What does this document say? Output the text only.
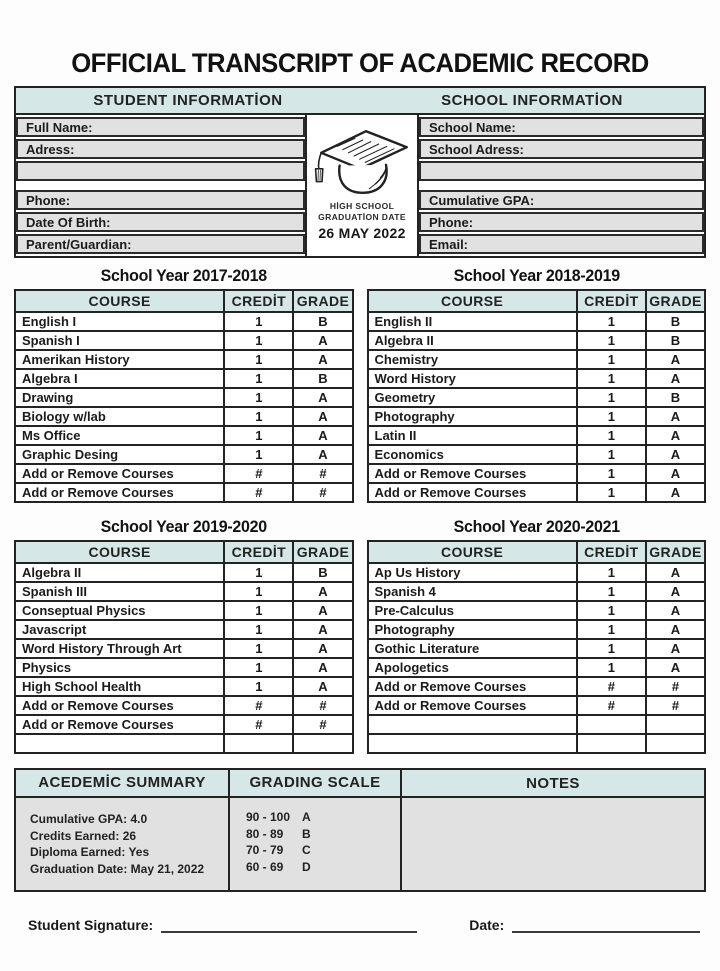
OFFICIAL TRANSCRIPT OF ACADEMIC RECORD
STUDENT INFORMATİON	SCHOOL INFORMATİON
Full Name:
Adress:
Phone:
Date Of Birth:
Parent/Guardian:
HİGH SCHOOL
GRADUATİON DATE
26 MAY 2022
School Name:
School Adress:
Cumulative GPA:
Phone:
Email:
School Year 2017-2018
COURSE	CREDİT	GRADE
English I	1	B
Spanish I	1	A
Amerikan History	1	A
Algebra I	1	B
Drawing	1	A
Biology w/lab	1	A
Ms Office	1	A
Graphic Desing	1	A
Add or Remove Courses	#	#
Add or Remove Courses	#	#
School Year 2018-2019
COURSE	CREDİT	GRADE
English II	1	B
Algebra II	1	B
Chemistry	1	A
Word History	1	A
Geometry	1	B
Photography	1	A
Latin II	1	A
Economics	1	A
Add or Remove Courses	1	A
Add or Remove Courses	1	A
School Year 2019-2020
COURSE	CREDİT	GRADE
Algebra II	1	B
Spanish III	1	A
Conseptual Physics	1	A
Javascript	1	A
Word History Through Art	1	A
Physics	1	A
High School Health	1	A
Add or Remove Courses	#	#
Add or Remove Courses	#	#

School Year 2020-2021
COURSE	CREDİT	GRADE
Ap Us History	1	A
Spanish 4	1	A
Pre-Calculus	1	A
Photography	1	A
Gothic Literature	1	A
Apologetics	1	A
Add or Remove Courses	#	#
Add or Remove Courses	#	#

ACEDEMİC SUMMARY	GRADING SCALE	NOTES
Cumulative GPA: 4.0
Credits Earned: 26
Diploma Earned: Yes
Graduation Date: May 21, 2022
90 - 100 A
80 - 89 B
70 - 79 C
60 - 69 D
Student Signature:	Date:
